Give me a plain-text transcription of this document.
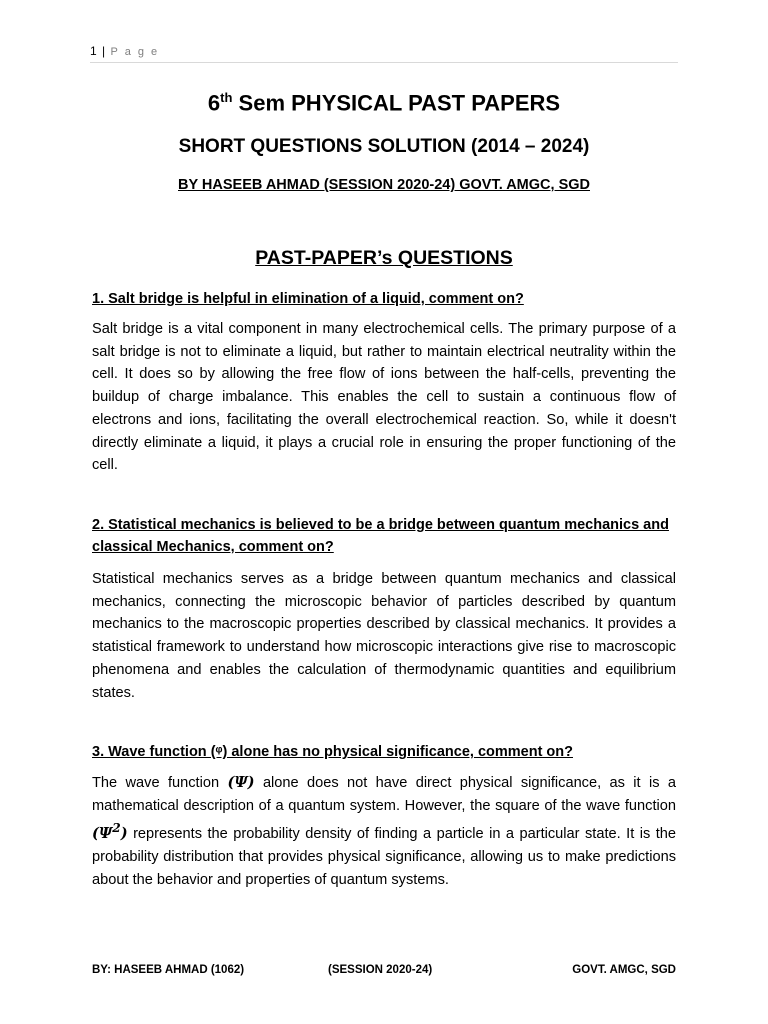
1 | P a g e
6th Sem PHYSICAL PAST PAPERS
SHORT QUESTIONS SOLUTION (2014 – 2024)
BY HASEEB AHMAD (SESSION 2020-24) GOVT. AMGC, SGD
PAST-PAPER’s QUESTIONS
1. Salt bridge is helpful in elimination of a liquid, comment on?
Salt bridge is a vital component in many electrochemical cells. The primary purpose of a salt bridge is not to eliminate a liquid, but rather to maintain electrical neutrality within the cell. It does so by allowing the free flow of ions between the half-cells, preventing the buildup of charge imbalance. This enables the cell to sustain a continuous flow of electrons and ions, facilitating the overall electrochemical reaction. So, while it doesn't directly eliminate a liquid, it plays a crucial role in ensuring the proper functioning of the cell.
2. Statistical mechanics is believed to be a bridge between quantum mechanics and classical Mechanics, comment on?
Statistical mechanics serves as a bridge between quantum mechanics and classical mechanics, connecting the microscopic behavior of particles described by quantum mechanics to the macroscopic properties described by classical mechanics. It provides a statistical framework to understand how microscopic interactions give rise to macroscopic phenomena and enables the calculation of thermodynamic quantities and equilibrium states.
3. Wave function (ᵠ) alone has no physical significance, comment on?
The wave function (Ψ) alone does not have direct physical significance, as it is a mathematical description of a quantum system. However, the square of the wave function $(\Psi^2)$ represents the probability density of finding a particle in a particular state. It is the probability distribution that provides physical significance, allowing us to make predictions about the behavior and properties of quantum systems.
BY: HASEEB AHMAD (1062)	(SESSION 2020-24)	GOVT. AMGC, SGD
